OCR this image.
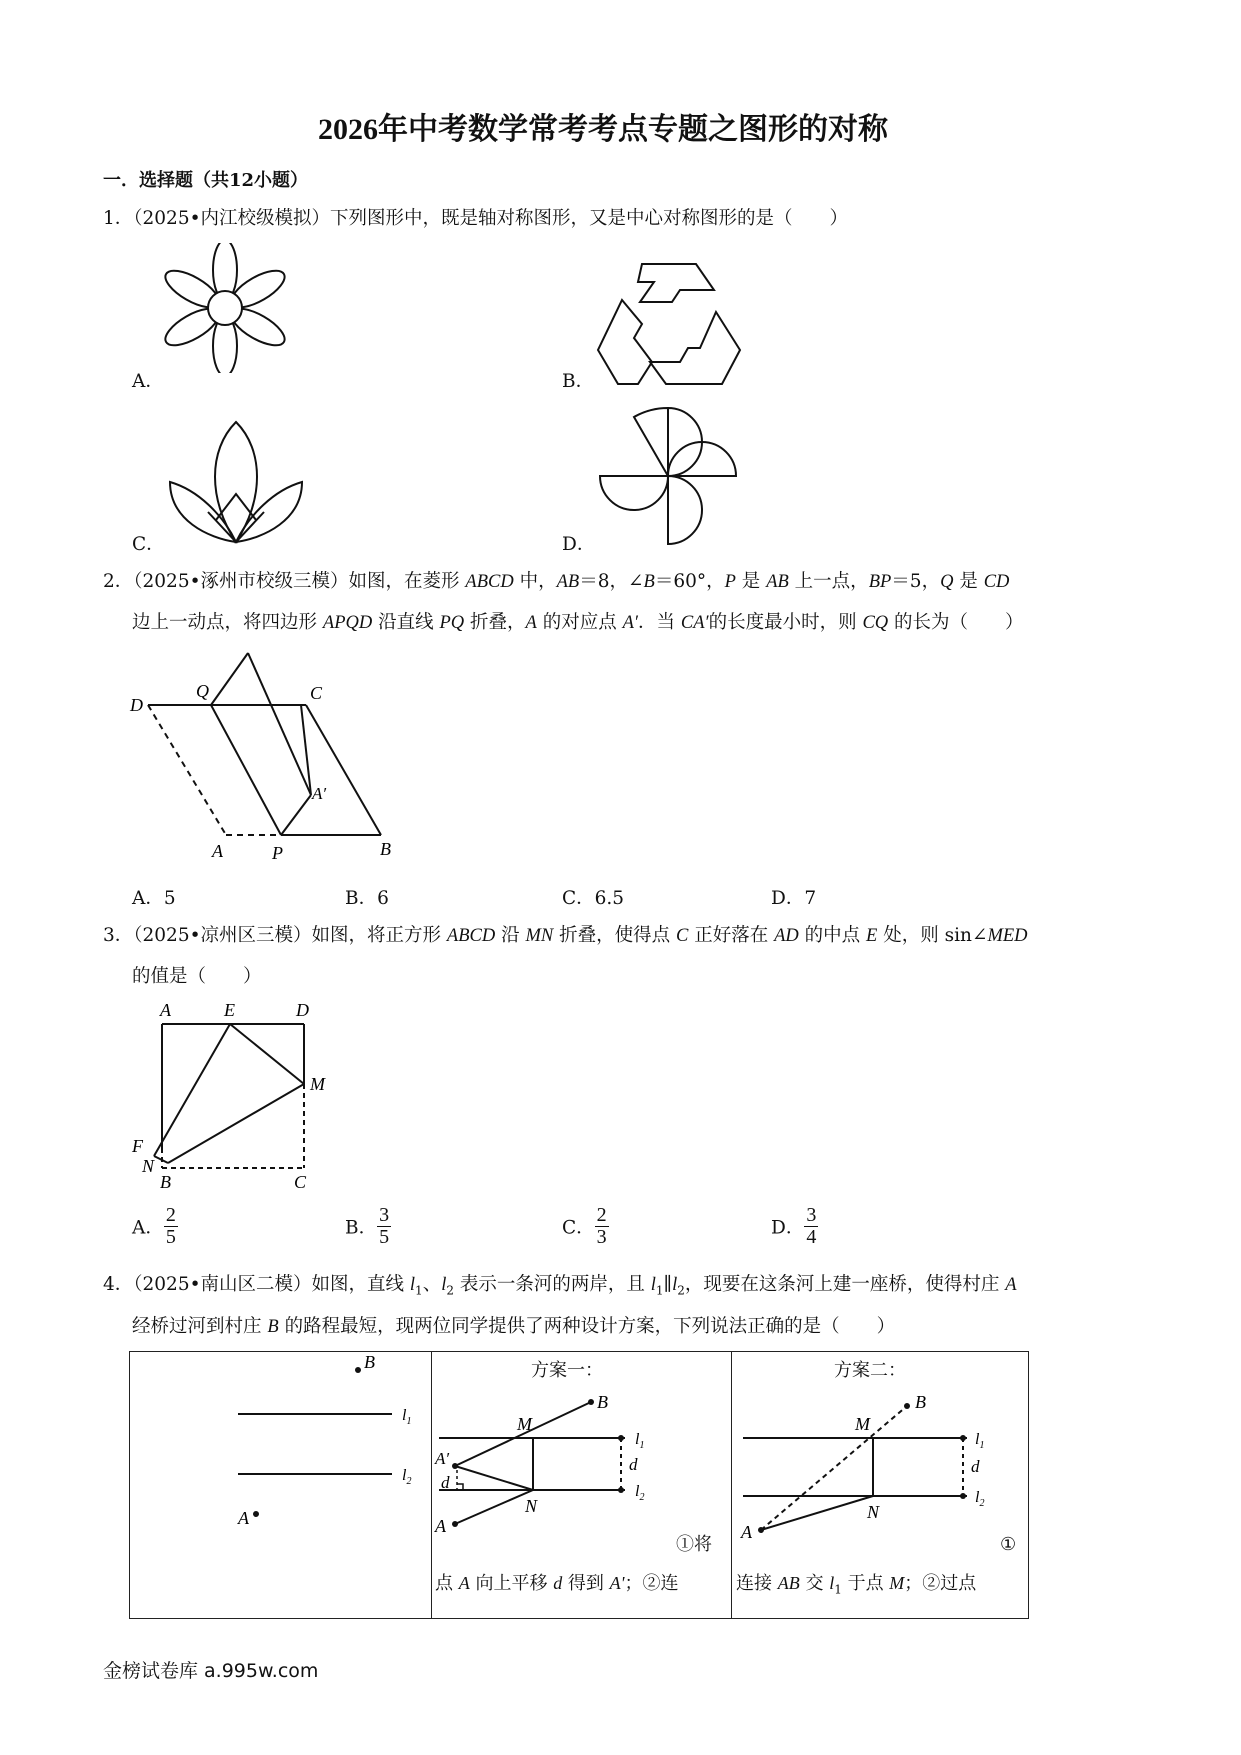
2026年中考数学常考考点专题之图形的对称
一．选择题（共12小题）
1．（2025•内江校级模拟）下列图形中，既是轴对称图形，又是中心对称图形的是（　　）
A．	B．
C．	D．
2．（2025•涿州市校级三模）如图，在菱形 ABCD 中，AB＝8，∠B＝60°，P 是 AB 上一点，BP＝5，Q 是 CD
边上一动点，将四边形 APQD 沿直线 PQ 折叠，A 的对应点 A′．当 CA′的长度最小时，则 CQ 的长为（　　）
D
Q	C
A′
A	P	B
A．5	B．6	C．6.5	D．7
3．（2025•凉州区三模）如图，将正方形 ABCD 沿 MN 折叠，使得点 C 正好落在 AD 的中点 E 处，则 sin∠MED
的值是（　　）
A	E	D
M
F
N
B	C
A． $\frac{2}{5}$	B． $\frac{3}{5}$	C． $\frac{2}{3}$	D． $\frac{3}{4}$
4．（2025•南山区二模）如图，直线 $l_1$、$l_2$ 表示一条河的两岸，且 $l_1\parallel l_2$，现要在这条河上建一座桥，使得村庄 A
经桥过河到村庄 B 的路程最短，现两位同学提供了两种设计方案，下列说法正确的是（　　）
B
$l_1$
$l_2$
A
方案一：
B
M
A′
d
N
A
d
$l_1$
$l_2$
①将
点 A 向上平移 d 得到 A'；②连
方案二：
B
M
N
A
d
$l_1$
$l_2$
①
连接 AB 交 $l_1$ 于点 M；②过点
金榜试卷库 a.995w.com
